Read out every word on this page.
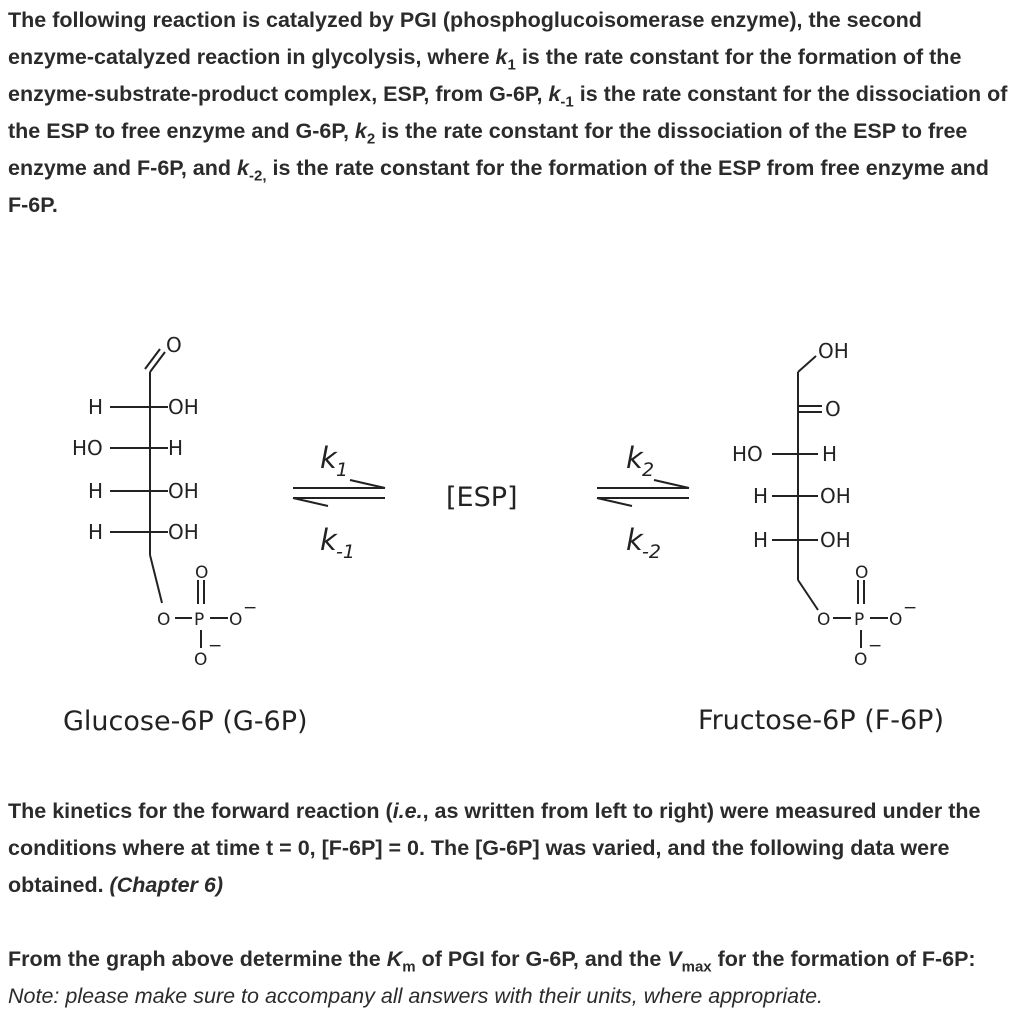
The following reaction is catalyzed by PGI (phosphoglucoisomerase enzyme), the second enzyme-catalyzed reaction in glycolysis, where $k_1$ is the rate constant for the formation of the enzyme-substrate-product complex, ESP, from G-6P, $k_{-1}$ is the rate constant for the dissociation of the ESP to free enzyme and G-6P, $k_2$ is the rate constant for the dissociation of the ESP to free enzyme and F-6P, and $k_{-2,}$ is the rate constant for the formation of the ESP from free enzyme and F-6P.

O
H	OH
HO	H
H	OH
H	OH
O
O P O
−
O
−
OH
O
HO	H
H	OH
H	OH
O
O P O
−
O
−
k 1
k -1
k 2
k -2
[ESP]
Glucose-6P (G-6P)	Fructose-6P (F-6P)

The kinetics for the forward reaction (i.e., as written from left to right) were measured under the conditions where at time t = 0, [F-6P] = 0. The [G-6P] was varied, and the following data were obtained. (Chapter 6)

From the graph above determine the $K_m$ of PGI for G-6P, and the $V_{max}$ for the formation of F-6P: Note: please make sure to accompany all answers with their units, where appropriate.
